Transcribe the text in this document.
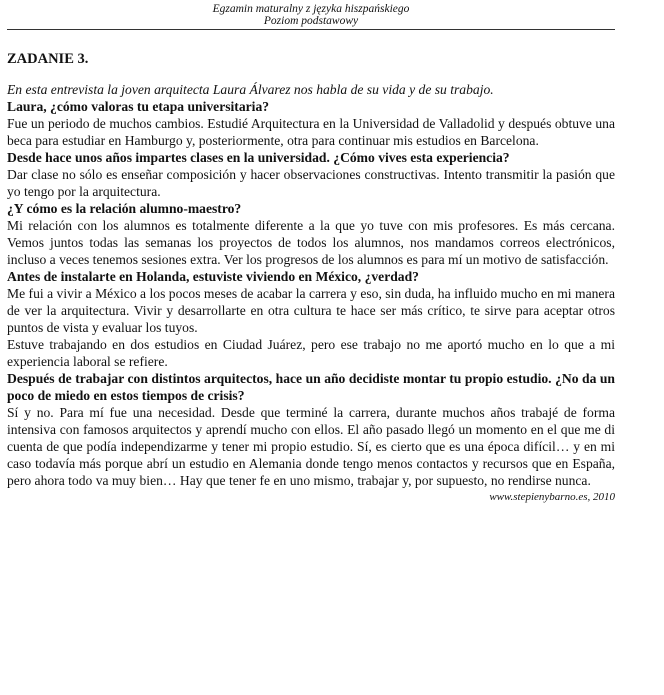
Egzamin maturalny z języka hiszpańskiego
Poziom podstawowy
ZADANIE 3.

En esta entrevista la joven arquitecta Laura Álvarez nos habla de su vida y de su trabajo.

Laura, ¿cómo valoras tu etapa universitaria?

Fue un periodo de muchos cambios. Estudié Arquitectura en la Universidad de Valladolid y después obtuve una beca para estudiar en Hamburgo y, posteriormente, otra para continuar mis estudios en Barcelona.

Desde hace unos años impartes clases en la universidad. ¿Cómo vives esta experiencia?

Dar clase no sólo es enseñar composición y hacer observaciones constructivas. Intento transmitir la pasión que yo tengo por la arquitectura.

¿Y cómo es la relación alumno-maestro?

Mi relación con los alumnos es totalmente diferente a la que yo tuve con mis profesores. Es más cercana. Vemos juntos todas las semanas los proyectos de todos los alumnos, nos mandamos correos electrónicos, incluso a veces tenemos sesiones extra. Ver los progresos de los alumnos es para mí un motivo de satisfacción.

Antes de instalarte en Holanda, estuviste viviendo en México, ¿verdad?

Me fui a vivir a México a los pocos meses de acabar la carrera y eso, sin duda, ha influido mucho en mi manera de ver la arquitectura. Vivir y desarrollarte en otra cultura te hace ser más crítico, te sirve para aceptar otros puntos de vista y evaluar los tuyos.

Estuve trabajando en dos estudios en Ciudad Juárez, pero ese trabajo no me aportó mucho en lo que a mi experiencia laboral se refiere.

Después de trabajar con distintos arquitectos, hace un año decidiste montar tu propio estudio. ¿No da un poco de miedo en estos tiempos de crisis?

Sí y no. Para mí fue una necesidad. Desde que terminé la carrera, durante muchos años trabajé de forma intensiva con famosos arquitectos y aprendí mucho con ellos. El año pasado llegó un momento en el que me di cuenta de que podía independizarme y tener mi propio estudio. Sí, es cierto que es una época difícil… y en mi caso todavía más porque abrí un estudio en Alemania donde tengo menos contactos y recursos que en España, pero ahora todo va muy bien… Hay que tener fe en uno mismo, trabajar y, por supuesto, no rendirse nunca.

www.stepienybarno.es, 2010
